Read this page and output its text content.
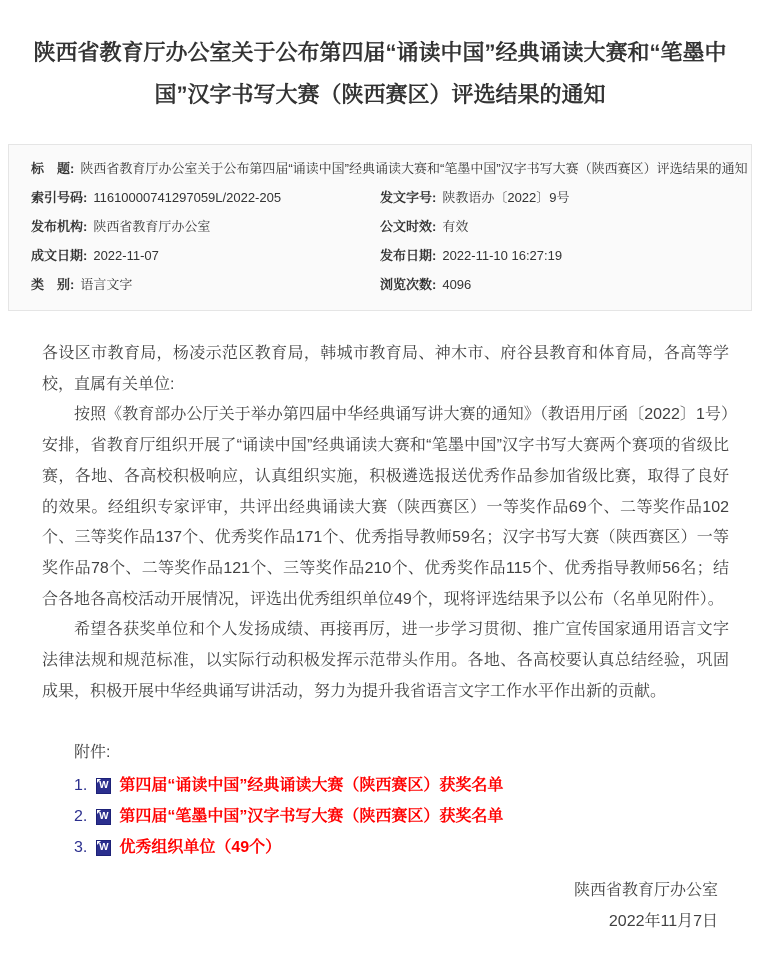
陕西省教育厅办公室关于公布第四届“诵读中国”经典诵读大赛和“笔墨中国”汉字书写大赛（陕西赛区）评选结果的通知
标　题: 陕西省教育厅办公室关于公布第四届“诵读中国”经典诵读大赛和“笔墨中国”汉字书写大赛（陕西赛区）评选结果的通知
索引号码: 11610000741297059L/2022-205	发文字号: 陕教语办〔2022〕9号
发布机构: 陕西省教育厅办公室	公文时效: 有效
成文日期: 2022-11-07	发布日期: 2022-11-10 16:27:19
类　别: 语言文字	浏览次数: 4096

各设区市教育局，杨凌示范区教育局，韩城市教育局、神木市、府谷县教育和体育局，各高等学校，直属有关单位:

按照《教育部办公厅关于举办第四届中华经典诵写讲大赛的通知》（教语用厅函〔2022〕1号）安排，省教育厅组织开展了“诵读中国”经典诵读大赛和“笔墨中国”汉字书写大赛两个赛项的省级比赛，各地、各高校积极响应，认真组织实施，积极遴选报送优秀作品参加省级比赛，取得了良好的效果。经组织专家评审，共评出经典诵读大赛（陕西赛区）一等奖作品69个、二等奖作品102个、三等奖作品137个、优秀奖作品171个、优秀指导教师59名；汉字书写大赛（陕西赛区）一等奖作品78个、二等奖作品121个、三等奖作品210个、优秀奖作品115个、优秀指导教师56名；结合各地各高校活动开展情况，评选出优秀组织单位49个，现将评选结果予以公布（名单见附件）。

希望各获奖单位和个人发扬成绩、再接再厉，进一步学习贯彻、推广宣传国家通用语言文字法律法规和规范标准，以实际行动积极发挥示范带头作用。各地、各高校要认真总结经验，巩固成果，积极开展中华经典诵写讲活动，努力为提升我省语言文字工作水平作出新的贡献。

附件:

1. W 第四届“诵读中国”经典诵读大赛（陕西赛区）获奖名单
2. W 第四届“笔墨中国”汉字书写大赛（陕西赛区）获奖名单
3. W 优秀组织单位（49个）
陕西省教育厅办公室
2022年11月7日
